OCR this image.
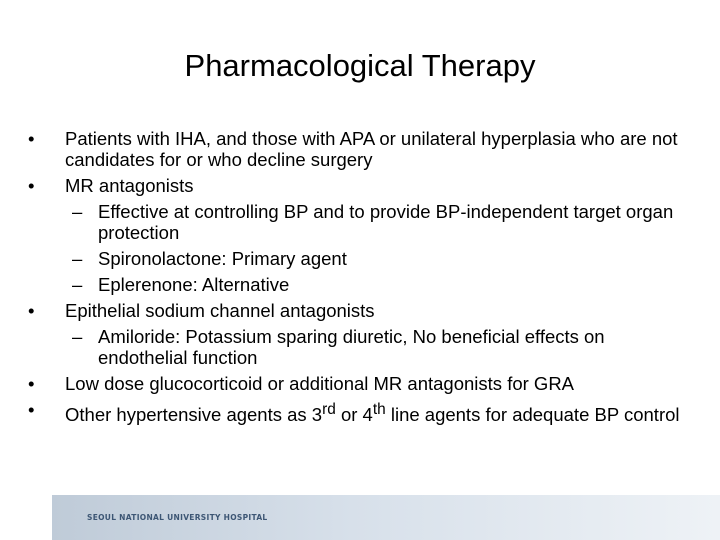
Pharmacological Therapy
• Patients with IHA, and those with APA or unilateral hyperplasia who are not candidates for or who decline surgery
• MR antagonists
– Effective at controlling BP and to provide BP-independent target organ protection
– Spironolactone: Primary agent
– Eplerenone: Alternative
• Epithelial sodium channel antagonists
– Amiloride: Potassium sparing diuretic, No beneficial effects on endothelial function
• Low dose glucocorticoid or additional MR antagonists for GRA
• Other hypertensive agents as 3rd or 4th line agents for adequate BP control
SEOUL NATIONAL UNIVERSITY HOSPITAL
